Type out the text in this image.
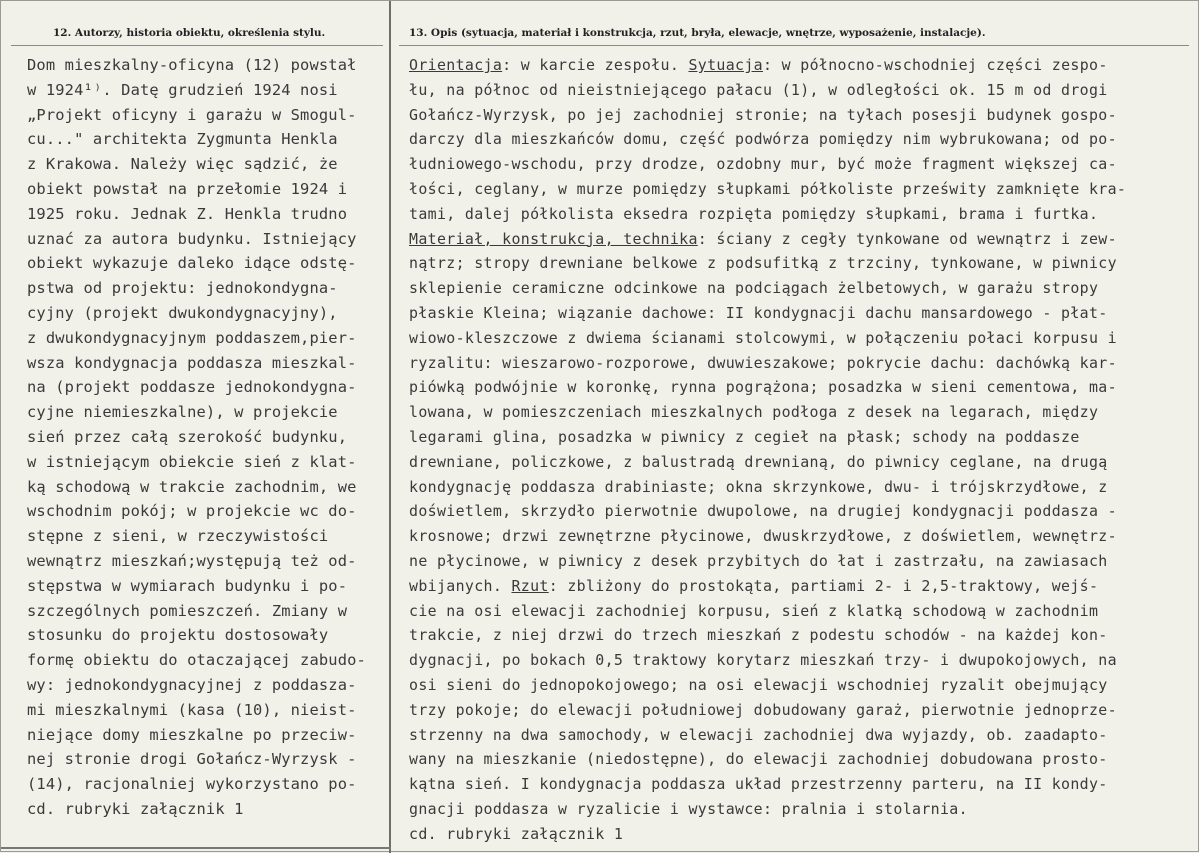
12. Autorzy, historia obiektu, określenia stylu.	13. Opis (sytuacja, materiał i konstrukcja, rzut, bryła, elewacje, wnętrze, wyposażenie, instalacje).
Dom mieszkalny-oficyna (12) powstał
w 1924¹⁾. Datę grudzień 1924 nosi
„Projekt oficyny i garażu w Smogul-
cu..." architekta Zygmunta Henkla
z Krakowa. Należy więc sądzić, że
obiekt powstał na przełomie 1924 i
1925 roku. Jednak Z. Henkla trudno
uznać za autora budynku. Istniejący
obiekt wykazuje daleko idące odstę-
pstwa od projektu: jednokondygna-
cyjny (projekt dwukondygnacyjny),
z dwukondygnacyjnym poddaszem,pier-
wsza kondygnacja poddasza mieszkal-
na (projekt poddasze jednokondygna-
cyjne niemieszkalne), w projekcie
sień przez całą szerokość budynku,
w istniejącym obiekcie sień z klat-
ką schodową w trakcie zachodnim, we
wschodnim pokój; w projekcie wc do-
stępne z sieni, w rzeczywistości
wewnątrz mieszkań;występują też od-
stępstwa w wymiarach budynku i po-
szczególnych pomieszczeń. Zmiany w
stosunku do projektu dostosowały
formę obiektu do otaczającej zabudo-
wy: jednokondygnacyjnej z poddasza-
mi mieszkalnymi (kasa (10), nieist-
niejące domy mieszkalne po przeciw-
nej stronie drogi Gołańcz-Wyrzysk -
(14), racjonalniej wykorzystano po-
cd. rubryki załącznik 1
Orientacja: w karcie zespołu. Sytuacja: w północno-wschodniej części zespo-
łu, na północ od nieistniejącego pałacu (1), w odległości ok. 15 m od drogi
Gołańcz-Wyrzysk, po jej zachodniej stronie; na tyłach posesji budynek gospo-
darczy dla mieszkańców domu, część podwórza pomiędzy nim wybrukowana; od po-
łudniowego-wschodu, przy drodze, ozdobny mur, być może fragment większej ca-
łości, ceglany, w murze pomiędzy słupkami półkoliste prześwity zamknięte kra-
tami, dalej półkolista eksedra rozpięta pomiędzy słupkami, brama i furtka.
Materiał, konstrukcja, technika: ściany z cegły tynkowane od wewnątrz i zew-
nątrz; stropy drewniane belkowe z podsufitką z trzciny, tynkowane, w piwnicy
sklepienie ceramiczne odcinkowe na podciągach żelbetowych, w garażu stropy
płaskie Kleina; wiązanie dachowe: II kondygnacji dachu mansardowego - płat-
wiowo-kleszczowe z dwiema ścianami stolcowymi, w połączeniu połaci korpusu i
ryzalitu: wieszarowo-rozporowe, dwuwieszakowe; pokrycie dachu: dachówką kar-
piówką podwójnie w koronkę, rynna pogrążona; posadzka w sieni cementowa, ma-
lowana, w pomieszczeniach mieszkalnych podłoga z desek na legarach, między
legarami glina, posadzka w piwnicy z cegieł na płask; schody na poddasze
drewniane, policzkowe, z balustradą drewnianą, do piwnicy ceglane, na drugą
kondygnację poddasza drabiniaste; okna skrzynkowe, dwu- i trójskrzydłowe, z
doświetlem, skrzydło pierwotnie dwupolowe, na drugiej kondygnacji poddasza -
krosnowe; drzwi zewnętrzne płycinowe, dwuskrzydłowe, z doświetlem, wewnętrz-
ne płycinowe, w piwnicy z desek przybitych do łat i zastrzału, na zawiasach
wbijanych. Rzut: zbliżony do prostokąta, partiami 2- i 2,5-traktowy, wejś-
cie na osi elewacji zachodniej korpusu, sień z klatką schodową w zachodnim
trakcie, z niej drzwi do trzech mieszkań z podestu schodów - na każdej kon-
dygnacji, po bokach 0,5 traktowy korytarz mieszkań trzy- i dwupokojowych, na
osi sieni do jednopokojowego; na osi elewacji wschodniej ryzalit obejmujący
trzy pokoje; do elewacji południowej dobudowany garaż, pierwotnie jednoprze-
strzenny na dwa samochody, w elewacji zachodniej dwa wyjazdy, ob. zaadapto-
wany na mieszkanie (niedostępne), do elewacji zachodniej dobudowana prosto-
kątna sień. I kondygnacja poddasza układ przestrzenny parteru, na II kondy-
gnacji poddasza w ryzalicie i wystawce: pralnia i stolarnia.
cd. rubryki załącznik 1
